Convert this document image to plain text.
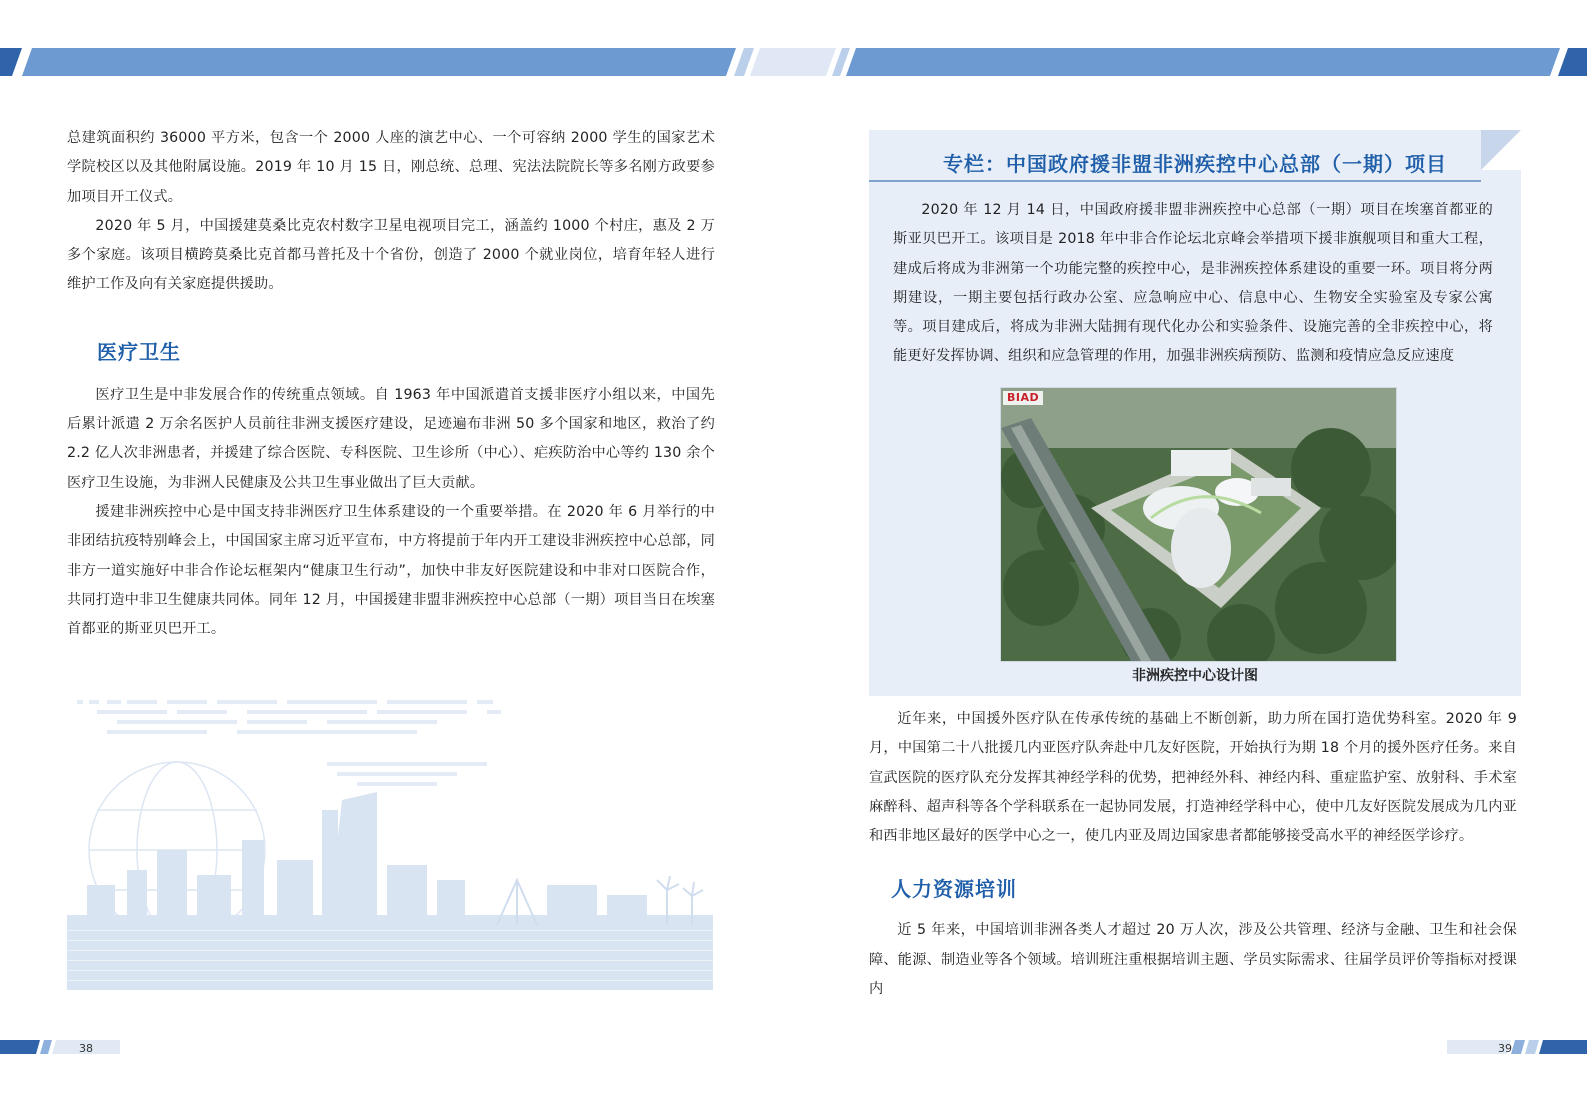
总建筑面积约 36000 平方米，包含一个 2000 人座的演艺中心、一个可容纳 2000 学生的国家艺术学院校区以及其他附属设施。2019 年 10 月 15 日，刚总统、总理、宪法法院院长等多名刚方政要参加项目开工仪式。

2020 年 5 月，中国援建莫桑比克农村数字卫星电视项目完工，涵盖约 1000 个村庄，惠及 2 万多个家庭。该项目横跨莫桑比克首都马普托及十个省份，创造了 2000 个就业岗位，培育年轻人进行维护工作及向有关家庭提供援助。

医疗卫生

医疗卫生是中非发展合作的传统重点领域。自 1963 年中国派遣首支援非医疗小组以来，中国先后累计派遣 2 万余名医护人员前往非洲支援医疗建设，足迹遍布非洲 50 多个国家和地区，救治了约 2.2 亿人次非洲患者，并援建了综合医院、专科医院、卫生诊所（中心）、疟疾防治中心等约 130 余个医疗卫生设施，为非洲人民健康及公共卫生事业做出了巨大贡献。

援建非洲疾控中心是中国支持非洲医疗卫生体系建设的一个重要举措。在 2020 年 6 月举行的中非团结抗疫特别峰会上，中国国家主席习近平宣布，中方将提前于年内开工建设非洲疾控中心总部，同非方一道实施好中非合作论坛框架内“健康卫生行动”，加快中非友好医院建设和中非对口医院合作，共同打造中非卫生健康共同体。同年 12 月，中国援建非盟非洲疾控中心总部（一期）项目当日在埃塞首都亚的斯亚贝巴开工。

专栏：中国政府援非盟非洲疾控中心总部（一期）项目

2020 年 12 月 14 日，中国政府援非盟非洲疾控中心总部（一期）项目在埃塞首都亚的斯亚贝巴开工。该项目是 2018 年中非合作论坛北京峰会举措项下援非旗舰项目和重大工程，建成后将成为非洲第一个功能完整的疾控中心，是非洲疾控体系建设的重要一环。项目将分两期建设，一期主要包括行政办公室、应急响应中心、信息中心、生物安全实验室及专家公寓等。项目建成后，将成为非洲大陆拥有现代化办公和实验条件、设施完善的全非疾控中心，将能更好发挥协调、组织和应急管理的作用，加强非洲疾病预防、监测和疫情应急反应速度

BIAD
非洲疾控中心设计图

近年来，中国援外医疗队在传承传统的基础上不断创新，助力所在国打造优势科室。2020 年 9 月，中国第二十八批援几内亚医疗队奔赴中几友好医院，开始执行为期 18 个月的援外医疗任务。来自宣武医院的医疗队充分发挥其神经学科的优势，把神经外科、神经内科、重症监护室、放射科、手术室麻醉科、超声科等各个学科联系在一起协同发展，打造神经学科中心，使中几友好医院发展成为几内亚和西非地区最好的医学中心之一，使几内亚及周边国家患者都能够接受高水平的神经医学诊疗。

人力资源培训

近 5 年来，中国培训非洲各类人才超过 20 万人次，涉及公共管理、经济与金融、卫生和社会保障、能源、制造业等各个领域。培训班注重根据培训主题、学员实际需求、往届学员评价等指标对授课内

38	39
